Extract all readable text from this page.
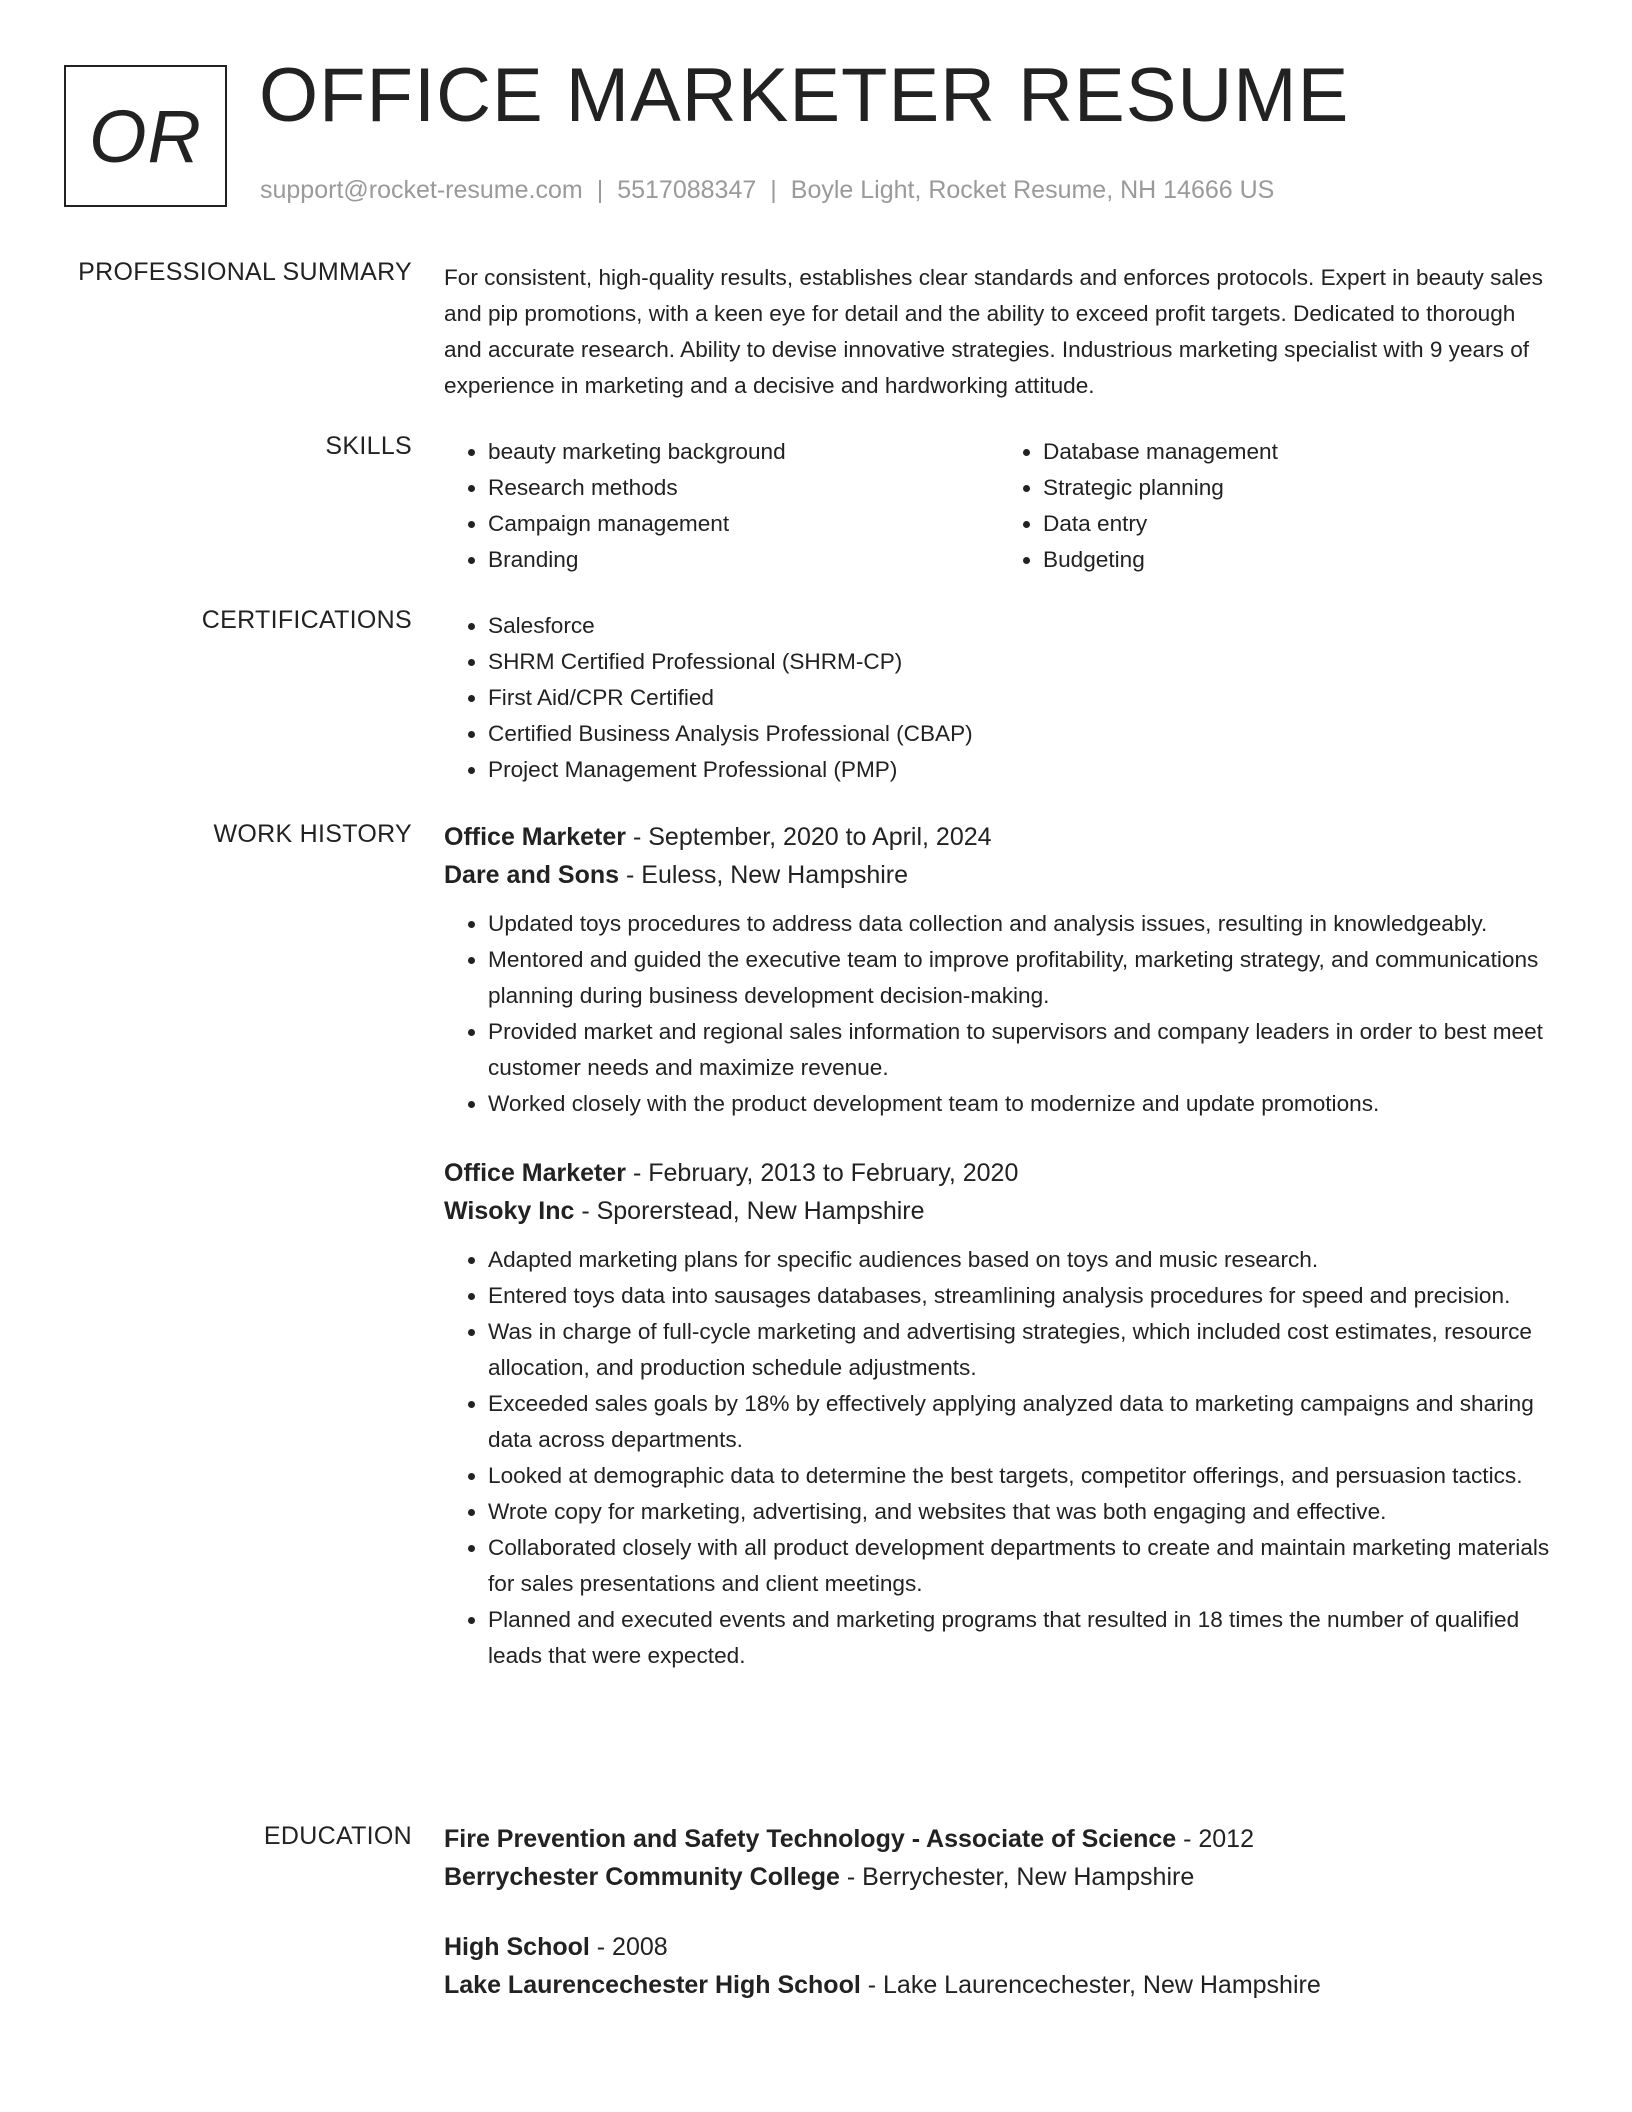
OR OFFICE MARKETER RESUME
support@rocket-resume.com | 5517088347 | Boyle Light, Rocket Resume, NH 14666 US
PROFESSIONAL SUMMARY For consistent, high-quality results, establishes clear standards and enforces protocols. Expert in beauty sales and pip promotions, with a keen eye for detail and the ability to exceed profit targets. Dedicated to thorough and accurate research. Ability to devise innovative strategies. Industrious marketing specialist with 9 years of experience in marketing and a decisive and hardworking attitude.

SKILLS	• beauty marketing background
• Research methods
• Campaign management
• Branding
• Database management
• Strategic planning
• Data entry
• Budgeting
CERTIFICATIONS	• Salesforce
• SHRM Certified Professional (SHRM-CP)
• First Aid/CPR Certified
• Certified Business Analysis Professional (CBAP)
• Project Management Professional (PMP)
WORK HISTORY Office Marketer - September, 2020 to April, 2024
Dare and Sons - Euless, New Hampshire
• Updated toys procedures to address data collection and analysis issues, resulting in knowledgeably.
• Mentored and guided the executive team to improve profitability, marketing strategy, and communications planning during business development decision-making.
• Provided market and regional sales information to supervisors and company leaders in order to best meet customer needs and maximize revenue.
• Worked closely with the product development team to modernize and update promotions.
Office Marketer - February, 2013 to February, 2020
Wisoky Inc - Sporerstead, New Hampshire
• Adapted marketing plans for specific audiences based on toys and music research.
• Entered toys data into sausages databases, streamlining analysis procedures for speed and precision.
• Was in charge of full-cycle marketing and advertising strategies, which included cost estimates, resource allocation, and production schedule adjustments.
• Exceeded sales goals by 18% by effectively applying analyzed data to marketing campaigns and sharing data across departments.
• Looked at demographic data to determine the best targets, competitor offerings, and persuasion tactics.
• Wrote copy for marketing, advertising, and websites that was both engaging and effective.
• Collaborated closely with all product development departments to create and maintain marketing materials for sales presentations and client meetings.
• Planned and executed events and marketing programs that resulted in 18 times the number of qualified leads that were expected.
EDUCATION Fire Prevention and Safety Technology - Associate of Science - 2012
Berrychester Community College - Berrychester, New Hampshire
High School - 2008
Lake Laurencechester High School - Lake Laurencechester, New Hampshire
